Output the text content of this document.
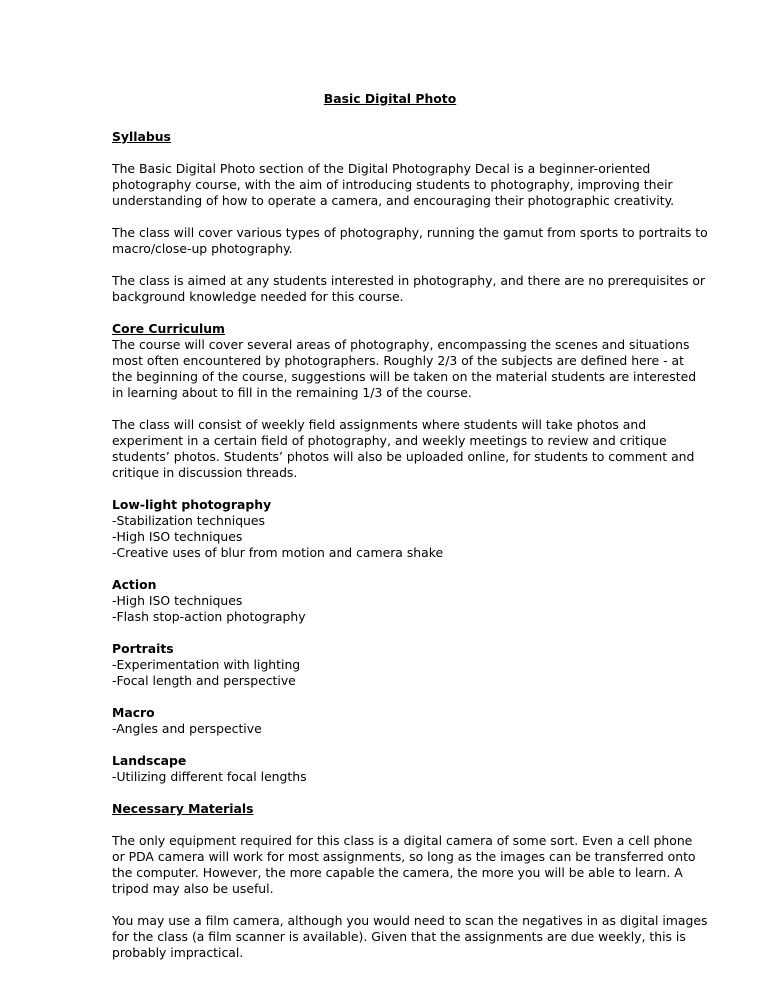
Basic Digital Photo

Syllabus

The Basic Digital Photo section of the Digital Photography Decal is a beginner-oriented
photography course, with the aim of introducing students to photography, improving their
understanding of how to operate a camera, and encouraging their photographic creativity.

The class will cover various types of photography, running the gamut from sports to portraits to
macro/close-up photography.

The class is aimed at any students interested in photography, and there are no prerequisites or
background knowledge needed for this course.

Core Curriculum
The course will cover several areas of photography, encompassing the scenes and situations
most often encountered by photographers. Roughly 2/3 of the subjects are defined here - at
the beginning of the course, suggestions will be taken on the material students are interested
in learning about to fill in the remaining 1/3 of the course.

The class will consist of weekly field assignments where students will take photos and
experiment in a certain field of photography, and weekly meetings to review and critique
students’ photos. Students’ photos will also be uploaded online, for students to comment and
critique in discussion threads.

Low-light photography
-Stabilization techniques
-High ISO techniques
-Creative uses of blur from motion and camera shake

Action
-High ISO techniques
-Flash stop-action photography

Portraits
-Experimentation with lighting
-Focal length and perspective

Macro
-Angles and perspective

Landscape
-Utilizing different focal lengths

Necessary Materials

The only equipment required for this class is a digital camera of some sort. Even a cell phone
or PDA camera will work for most assignments, so long as the images can be transferred onto
the computer. However, the more capable the camera, the more you will be able to learn. A
tripod may also be useful.

You may use a film camera, although you would need to scan the negatives in as digital images
for the class (a film scanner is available). Given that the assignments are due weekly, this is
probably impractical.
